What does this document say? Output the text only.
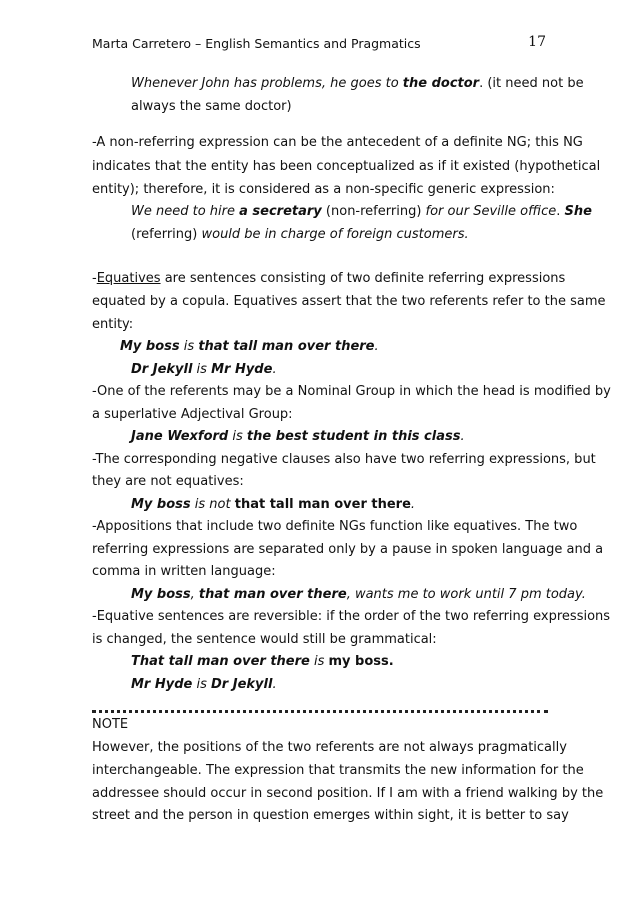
Marta Carretero – English Semantics and Pragmatics	17
Whenever John has problems, he goes to the doctor. (it need not be
always the same doctor)
-A non-referring expression can be the antecedent of a definite NG; this NG
indicates that the entity has been conceptualized as if it existed (hypothetical
entity); therefore, it is considered as a non-specific generic expression:
We need to hire a secretary (non-referring) for our Seville office. She
(referring) would be in charge of foreign customers.
-Equatives are sentences consisting of two definite referring expressions
equated by a copula. Equatives assert that the two referents refer to the same
entity:
My boss is that tall man over there.
Dr Jekyll is Mr Hyde.
-One of the referents may be a Nominal Group in which the head is modified by
a superlative Adjectival Group:
Jane Wexford is the best student in this class.
-The corresponding negative clauses also have two referring expressions, but
they are not equatives:
My boss is not that tall man over there.
-Appositions that include two definite NGs function like equatives. The two
referring expressions are separated only by a pause in spoken language and a
comma in written language:
My boss, that man over there, wants me to work until 7 pm today.
-Equative sentences are reversible: if the order of the two referring expressions
is changed, the sentence would still be grammatical:
That tall man over there is my boss.
Mr Hyde is Dr Jekyll.
NOTE
However, the positions of the two referents are not always pragmatically
interchangeable. The expression that transmits the new information for the
addressee should occur in second position. If I am with a friend walking by the
street and the person in question emerges within sight, it is better to say
